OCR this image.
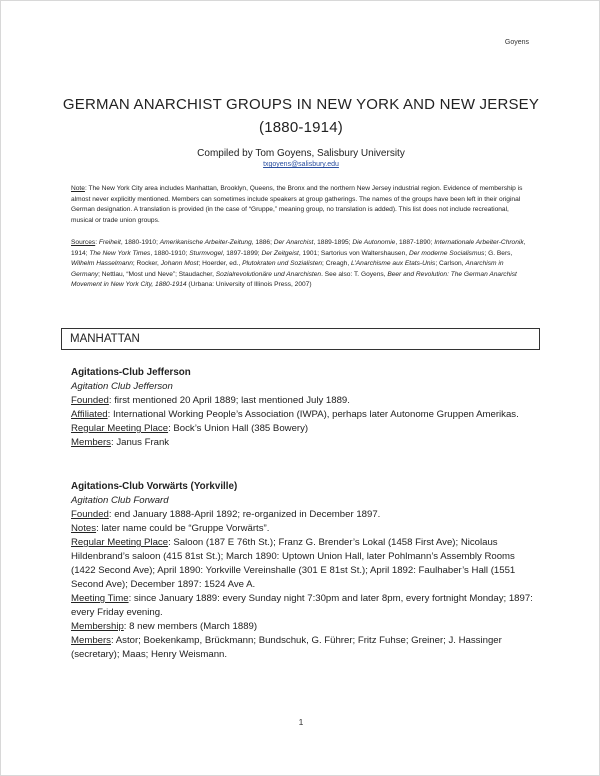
Goyens
GERMAN ANARCHIST GROUPS IN NEW YORK AND NEW JERSEY
(1880-1914)
Compiled by Tom Goyens, Salisbury University
txgoyens@salisbury.edu
Note: The New York City area includes Manhattan, Brooklyn, Queens, the Bronx and the northern New Jersey industrial region. Evidence of membership is almost never explicitly mentioned. Members can sometimes include speakers at group gatherings. The names of the groups have been left in their original German designation. A translation is provided (in the case of “Gruppe,” meaning group, no translation is added). This list does not include recreational, musical or trade union groups.
Sources: Freiheit, 1880-1910; Amerikanische Arbeiter-Zeitung, 1886; Der Anarchist, 1889-1895; Die Autonomie, 1887-1890; Internationale Arbeiter-Chronik, 1914; The New York Times, 1880-1910; Sturmvogel, 1897-1899; Der Zeitgeist, 1901; Sartorius von Waltershausen, Der moderne Socialismus; G. Bers, Wilhelm Hasselmann; Rocker, Johann Most; Hoerder, ed., Plutokraten und Sozialisten; Creagh, L’Anarchisme aux Etats-Unis; Carlson, Anarchism in Germany; Nettlau, “Most und Neve”; Staudacher, Sozialrevolutionäre und Anarchisten. See also: T. Goyens, Beer and Revolution: The German Anarchist Movement in New York City, 1880-1914 (Urbana: University of Illinois Press, 2007)
MANHATTAN
Agitations-Club Jefferson
Agitation Club Jefferson
Founded: first mentioned 20 April 1889; last mentioned July 1889.
Affiliated: International Working People’s Association (IWPA), perhaps later Autonome Gruppen Amerikas.
Regular Meeting Place: Bock’s Union Hall (385 Bowery)
Members: Janus Frank
Agitations-Club Vorwärts (Yorkville)
Agitation Club Forward
Founded: end January 1888-April 1892; re-organized in December 1897.
Notes: later name could be “Gruppe Vorwärts”.
Regular Meeting Place: Saloon (187 E 76th St.); Franz G. Brender’s Lokal (1458 First Ave); Nicolaus Hildenbrand’s saloon (415 81st St.); March 1890: Uptown Union Hall, later Pohlmann’s Assembly Rooms (1422 Second Ave); April 1890: Yorkville Vereinshalle (301 E 81st St.); April 1892: Faulhaber’s Hall (1551 Second Ave); December 1897: 1524 Ave A.
Meeting Time: since January 1889: every Sunday night 7:30pm and later 8pm, every fortnight Monday; 1897: every Friday evening.
Membership: 8 new members (March 1889)
Members: Astor; Boekenkamp, Brückmann; Bundschuk, G. Führer; Fritz Fuhse; Greiner; J. Hassinger (secretary); Maas; Henry Weismann.
1
